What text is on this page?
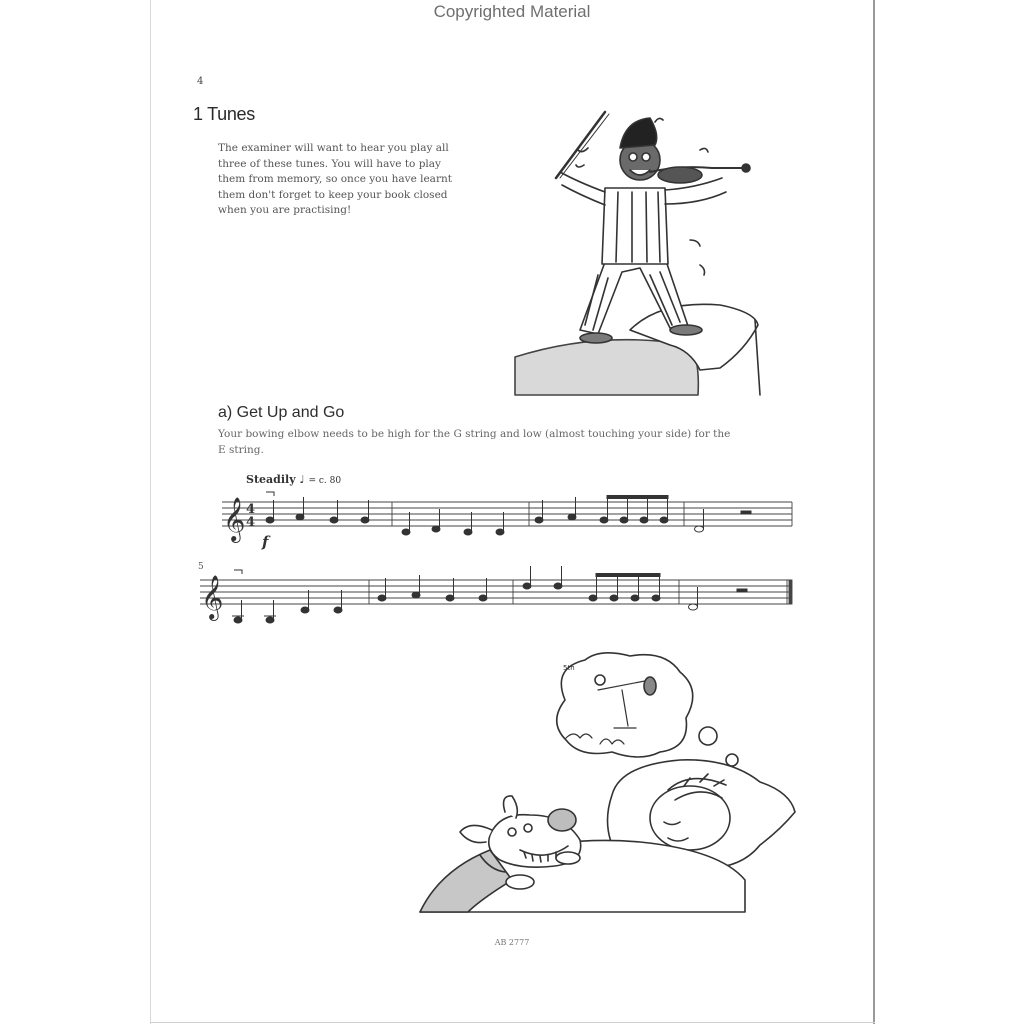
Copyrighted Material
4
1 Tunes
The examiner will want to hear you play all
three of these tunes. You will have to play
them from memory, so once you have learnt
them don't forget to keep your book closed
when you are practising!
a) Get Up and Go
Your bowing elbow needs to be high for the G string and low (almost touching your side) for the
E string.
Steadily ♩ = c. 80
5
AB 2777
𝄞 4
4
f
𝄞
5th
